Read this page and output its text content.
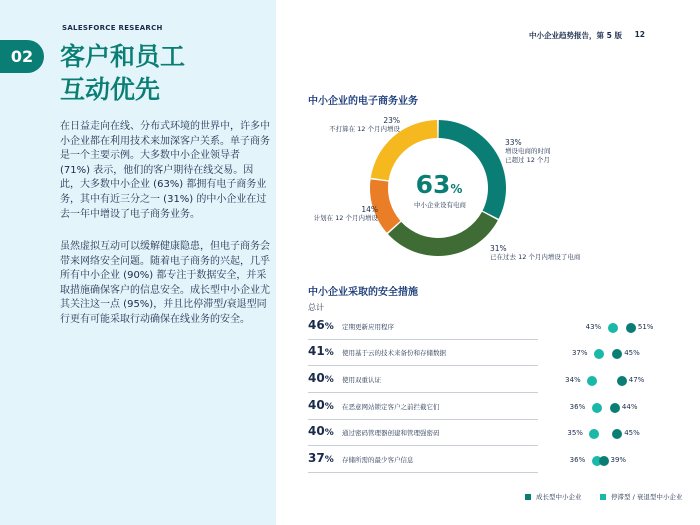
SALESFORCE RESEARCH
02	客户和员工
互动优先

在日益走向在线、分布式环境的世界中，许多中小企业都在利用技术来加深客户关系。单子商务是一个主要示例。大多数中小企业领导者 (71%) 表示，他们的客户期待在线交易。因此，大多数中小企业 (63%) 都拥有电子商务业务，其中有近三分之一 (31%) 的中小企业在过去一年中增设了电子商务业务。

虽然虚拟互动可以缓解健康隐患，但电子商务会带来网络安全问题。随着电子商务的兴起，几乎所有中小企业 (90%) 都专注于数据安全，并采取措施确保客户的信息安全。成长型中小企业尤其关注这一点 (95%)，并且比停滞型/衰退型同行更有可能采取行动确保在线业务的安全。

中小企业趋势报告，第 5 版 12
中小企业的电子商务业务
63%
中小企业设有电商
33%
增设电商的时间
已超过 12 个月
31%
已在过去 12 个月内增设了电商
14%
计划在 12 个月内增设
23%
不打算在 12 个月内增设
中小企业采取的安全措施
总计
46% 定期更新应用程序	43%	51%
41% 使用基于云的技术来备份和存储数据	37%	45%
40% 使用双重认证	34%	47%
40% 在恶意网站锁定客户之前拦截它们	36%	44%
40% 通过密码管理器创建和管理强密码	35%	45%
37% 存储所需的最少客户信息	36%	39%
成长型中小企业	停滞型 / 衰退型中小企业
